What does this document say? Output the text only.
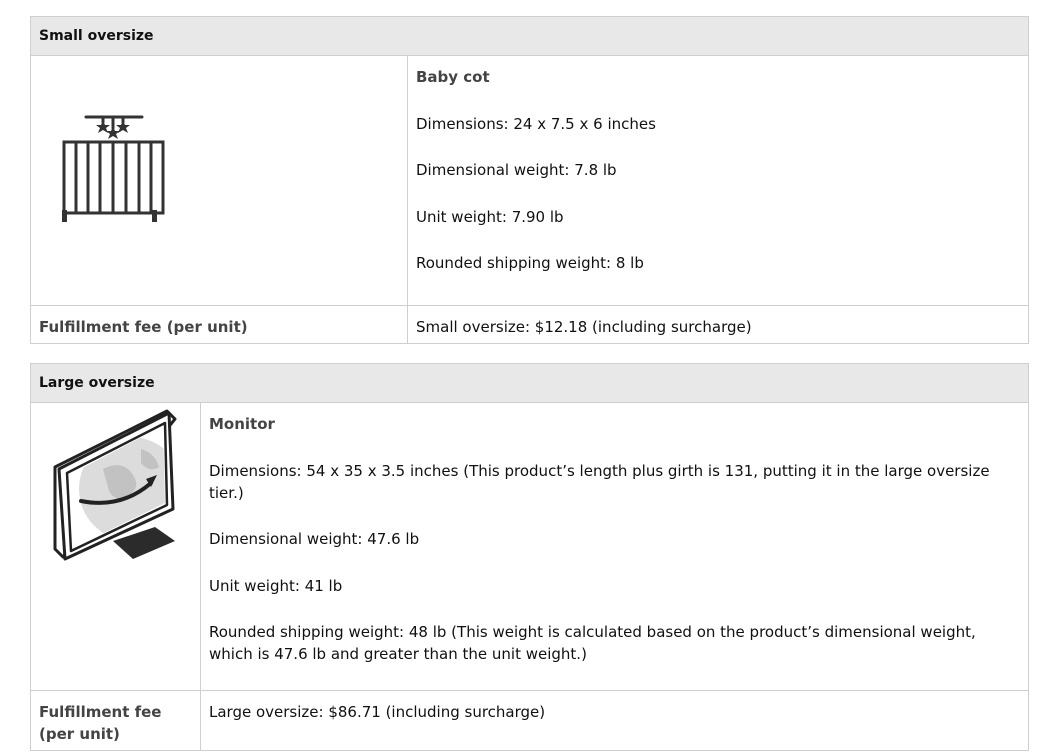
Small oversize	

Baby cot

Dimensions: 24 x 7.5 x 6 inches

Dimensional weight: 7.8 lb

Unit weight: 7.90 lb

Rounded shipping weight: 8 lb

Fulfillment fee (per unit)	Small oversize: $12.18 (including surcharge)
Large oversize	

Monitor

Dimensions: 54 x 35 x 3.5 inches (This product’s length plus girth is 131, putting it in the large oversize tier.)

Dimensional weight: 47.6 lb

Unit weight: 41 lb

Rounded shipping weight: 48 lb (This weight is calculated based on the product’s dimensional weight, which is 47.6 lb and greater than the unit weight.)

Fulfillment fee (per unit)	Large oversize: $86.71 (including surcharge)
